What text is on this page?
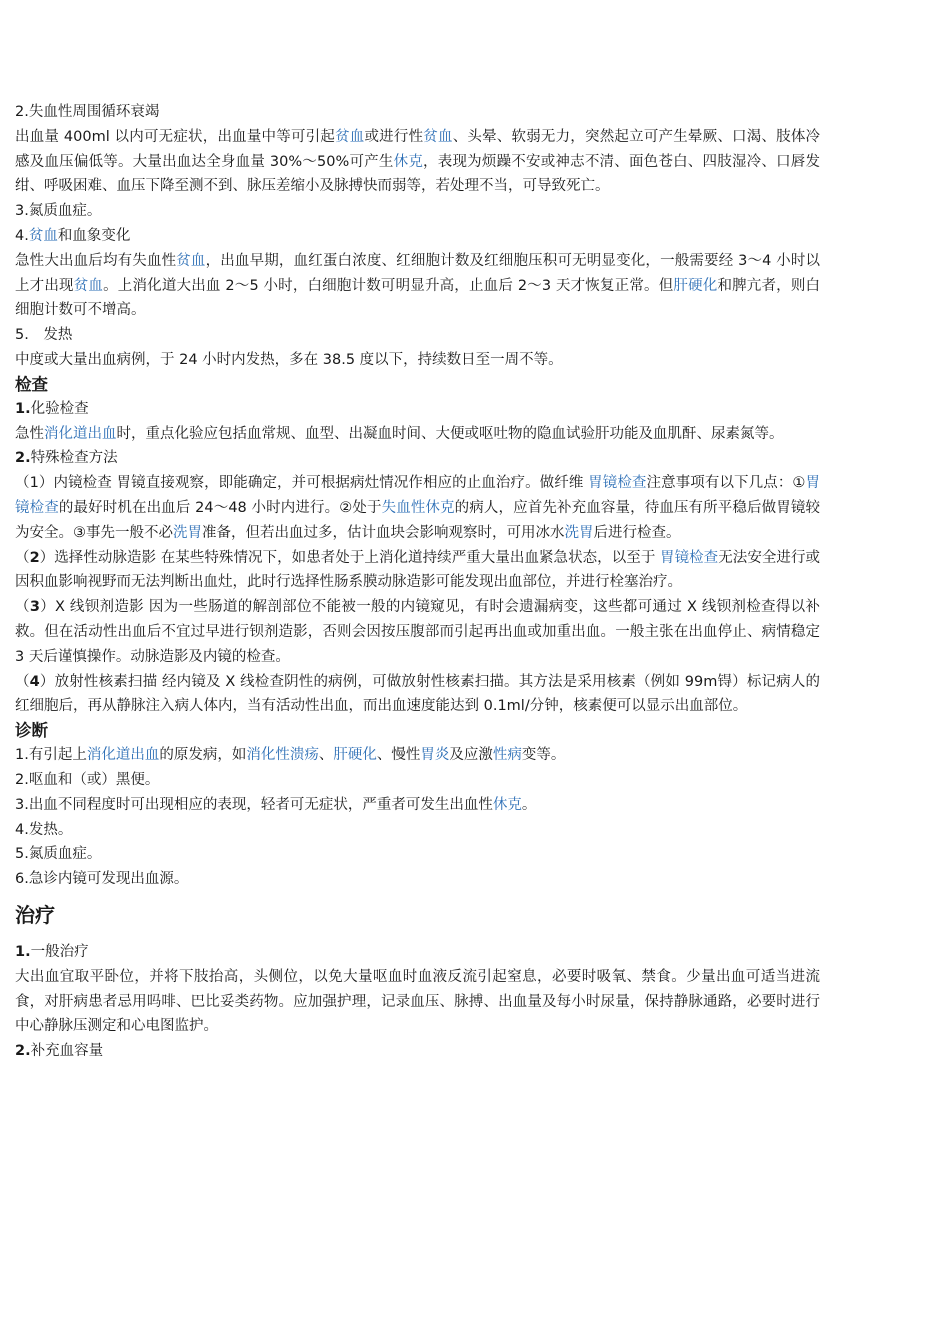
2.失血性周围循环衰竭
出血量 400ml 以内可无症状，出血量中等可引起贫血或进行性贫血、头晕、软弱无力，突然起立可产生晕厥、口渴、肢体冷感及血压偏低等。大量出血达全身血量 30%～50%可产生休克，表现为烦躁不安或神志不清、面色苍白、四肢湿冷、口唇发绀、呼吸困难、血压下降至测不到、脉压差缩小及脉搏快而弱等，若处理不当，可导致死亡。
3.氮质血症。
4.贫血和血象变化
急性大出血后均有失血性贫血，出血早期，血红蛋白浓度、红细胞计数及红细胞压积可无明显变化，一般需要经 3～4 小时以上才出现贫血。上消化道大出血 2～5 小时，白细胞计数可明显升高，止血后 2～3 天才恢复正常。但肝硬化和脾亢者，则白细胞计数可不增高。
5.　发热
中度或大量出血病例，于 24 小时内发热，多在 38.5 度以下，持续数日至一周不等。
检查
1.化验检查
急性消化道出血时，重点化验应包括血常规、血型、出凝血时间、大便或呕吐物的隐血试验肝功能及血肌酐、尿素氮等。
2.特殊检查方法
（1）内镜检查 胃镜直接观察，即能确定，并可根据病灶情况作相应的止血治疗。做纤维 胃镜检查注意事项有以下几点：①胃镜检查的最好时机在出血后 24～48 小时内进行。②处于失血性休克的病人，应首先补充血容量，待血压有所平稳后做胃镜较为安全。③事先一般不必洗胃准备，但若出血过多，估计血块会影响观察时，可用冰水洗胃后进行检查。
（2）选择性动脉造影 在某些特殊情况下，如患者处于上消化道持续严重大量出血紧急状态，以至于 胃镜检查无法安全进行或因积血影响视野而无法判断出血灶，此时行选择性肠系膜动脉造影可能发现出血部位，并进行栓塞治疗。
（3）X 线钡剂造影 因为一些肠道的解剖部位不能被一般的内镜窥见，有时会遗漏病变，这些都可通过 X 线钡剂检查得以补救。但在活动性出血后不宜过早进行钡剂造影，否则会因按压腹部而引起再出血或加重出血。一般主张在出血停止、病情稳定 3 天后谨慎操作。动脉造影及内镜的检查。
（4）放射性核素扫描 经内镜及 X 线检查阴性的病例，可做放射性核素扫描。其方法是采用核素（例如 99m锝）标记病人的红细胞后，再从静脉注入病人体内，当有活动性出血，而出血速度能达到 0.1ml/分钟，核素便可以显示出血部位。
诊断
1.有引起上消化道出血的原发病，如消化性溃疡、肝硬化、慢性胃炎及应激性病变等。
2.呕血和（或）黑便。
3.出血不同程度时可出现相应的表现，轻者可无症状，严重者可发生出血性休克。
4.发热。
5.氮质血症。
6.急诊内镜可发现出血源。
治疗
1.一般治疗
大出血宜取平卧位，并将下肢抬高，头侧位，以免大量呕血时血液反流引起窒息，必要时吸氧、禁食。少量出血可适当进流食，对肝病患者忌用吗啡、巴比妥类药物。应加强护理，记录血压、脉搏、出血量及每小时尿量，保持静脉通路，必要时进行中心静脉压测定和心电图监护。
2.补充血容量
